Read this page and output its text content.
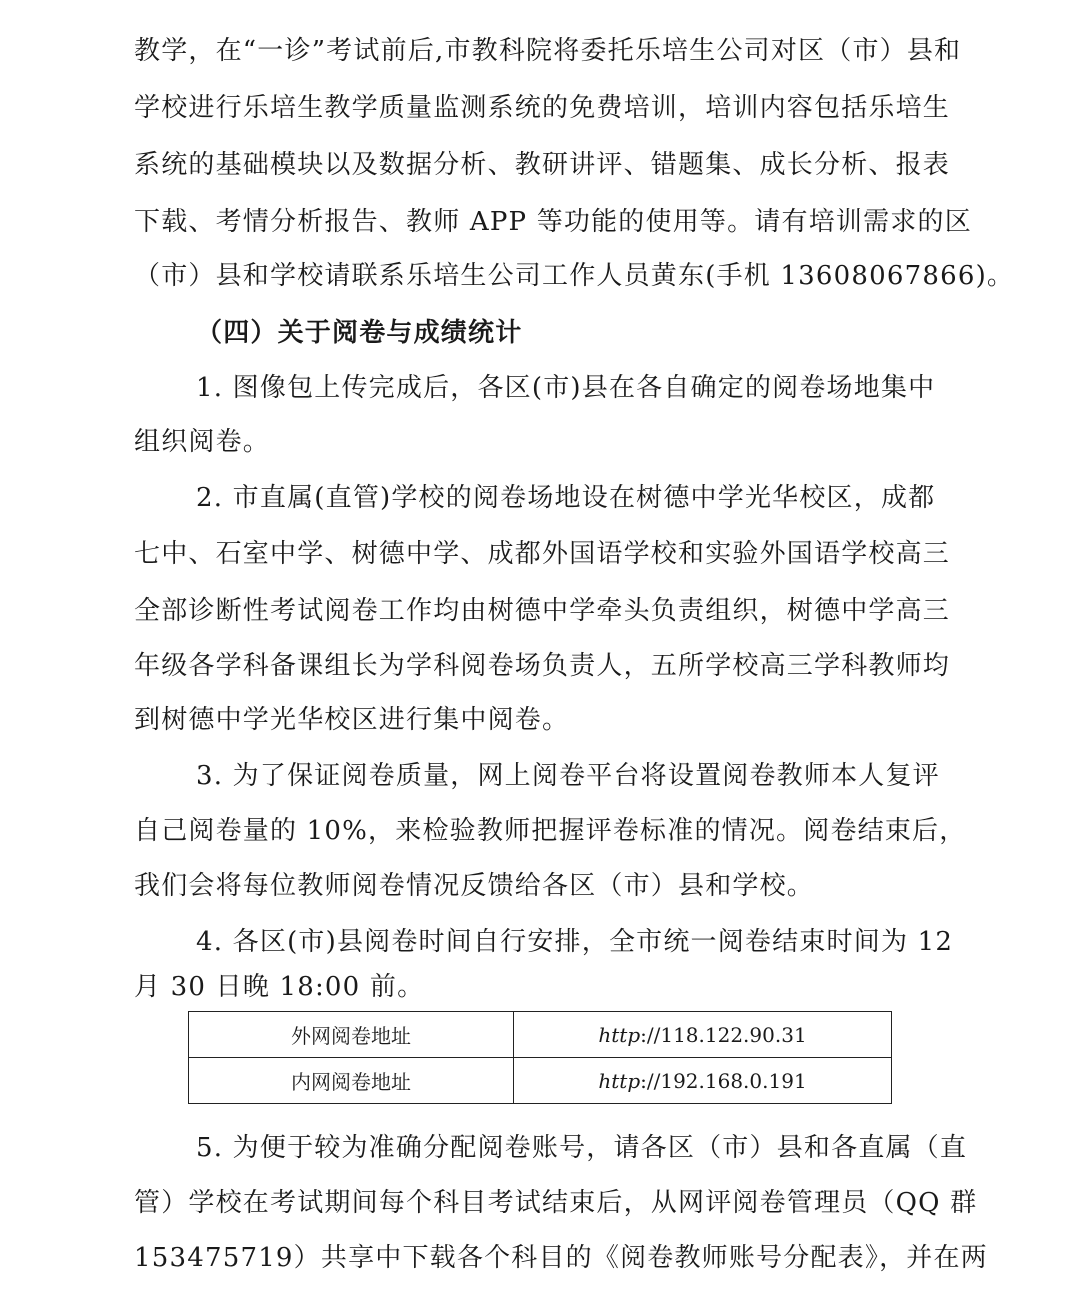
教学，在“一诊”考试前后,市教科院将委托乐培生公司对区（市）县和
学校进行乐培生教学质量监测系统的免费培训，培训内容包括乐培生
系统的基础模块以及数据分析、教研讲评、错题集、成长分析、报表
下载、考情分析报告、教师 APP 等功能的使用等。请有培训需求的区
（市）县和学校请联系乐培生公司工作人员黄东(手机 13608067866)。
（四）关于阅卷与成绩统计
1. 图像包上传完成后，各区(市)县在各自确定的阅卷场地集中
组织阅卷。
2. 市直属(直管)学校的阅卷场地设在树德中学光华校区，成都
七中、石室中学、树德中学、成都外国语学校和实验外国语学校高三
全部诊断性考试阅卷工作均由树德中学牵头负责组织，树德中学高三
年级各学科备课组长为学科阅卷场负责人，五所学校高三学科教师均
到树德中学光华校区进行集中阅卷。
3. 为了保证阅卷质量，网上阅卷平台将设置阅卷教师本人复评
自己阅卷量的 10%，来检验教师把握评卷标准的情况。阅卷结束后，
我们会将每位教师阅卷情况反馈给各区（市）县和学校。
4. 各区(市)县阅卷时间自行安排，全市统一阅卷结束时间为 12
月 30 日晚 18:00 前。
外网阅卷地址	http://118.122.90.31
内网阅卷地址	http://192.168.0.191
5. 为便于较为准确分配阅卷账号，请各区（市）县和各直属（直
管）学校在考试期间每个科目考试结束后，从网评阅卷管理员（QQ 群
153475719）共享中下载各个科目的《阅卷教师账号分配表》，并在两
